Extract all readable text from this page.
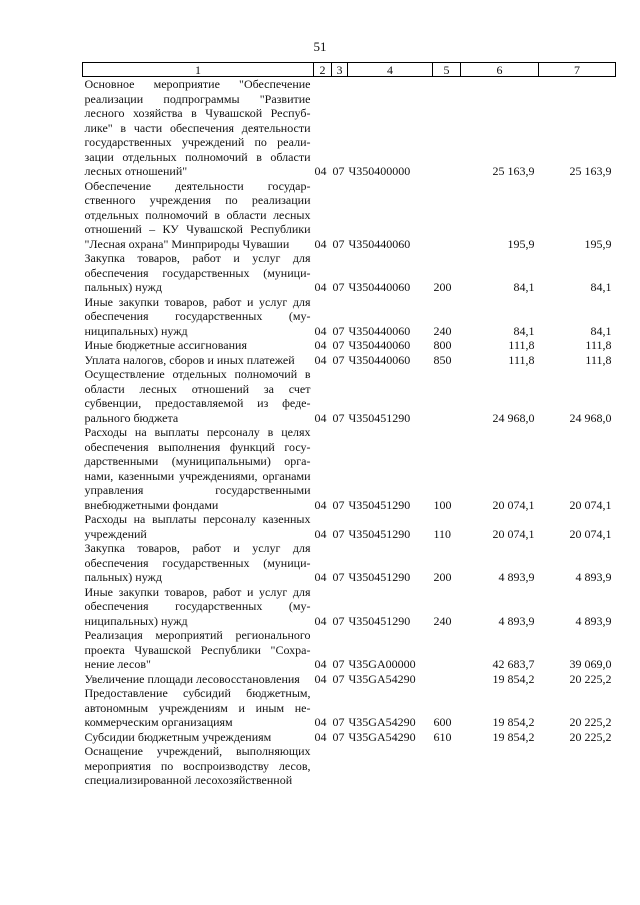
51
1	2	3	4	5	6	7
Основное мероприятие "Обеспечение реализации подпрограммы "Развитие лесного хозяйства в Чувашской Республике" в части обеспечения деятельности государственных учреждений по реализации отдельных полномочий в области лесных отношений"	04	07	Ч350400000		25 163,9	25 163,9
Обеспечение деятельности государственного учреждения по реализации отдельных полномочий в области лесных отношений – КУ Чувашской Республики "Лесная охрана" Минприроды Чувашии	04	07	Ч350440060		195,9	195,9
Закупка товаров, работ и услуг для обеспечения государственных (муниципальных) нужд	04	07	Ч350440060	200	84,1	84,1
Иные закупки товаров, работ и услуг для обеспечения государственных (муниципальных) нужд	04	07	Ч350440060	240	84,1	84,1
Иные бюджетные ассигнования	04	07	Ч350440060	800	111,8	111,8
Уплата налогов, сборов и иных платежей	04	07	Ч350440060	850	111,8	111,8
Осуществление отдельных полномочий в области лесных отношений за счет субвенции, предоставляемой из федерального бюджета	04	07	Ч350451290		24 968,0	24 968,0
Расходы на выплаты персоналу в целях обеспечения выполнения функций государственными (муниципальными) органами, казенными учреждениями, органами управления государственными внебюджетными фондами	04	07	Ч350451290	100	20 074,1	20 074,1
Расходы на выплаты персоналу казенных учреждений	04	07	Ч350451290	110	20 074,1	20 074,1
Закупка товаров, работ и услуг для обеспечения государственных (муниципальных) нужд	04	07	Ч350451290	200	4 893,9	4 893,9
Иные закупки товаров, работ и услуг для обеспечения государственных (муниципальных) нужд	04	07	Ч350451290	240	4 893,9	4 893,9
Реализация мероприятий регионального проекта Чувашской Республики "Сохранение лесов"	04	07	Ч35GA00000		42 683,7	39 069,0
Увеличение площади лесовосстановления	04	07	Ч35GA54290		19 854,2	20 225,2
Предоставление субсидий бюджетным, автономным учреждениям и иным некоммерческим организациям	04	07	Ч35GA54290	600	19 854,2	20 225,2
Субсидии бюджетным учреждениям	04	07	Ч35GA54290	610	19 854,2	20 225,2
Оснащение учреждений, выполняющих мероприятия по воспроизводству лесов, специализированной лесохозяйственной						
